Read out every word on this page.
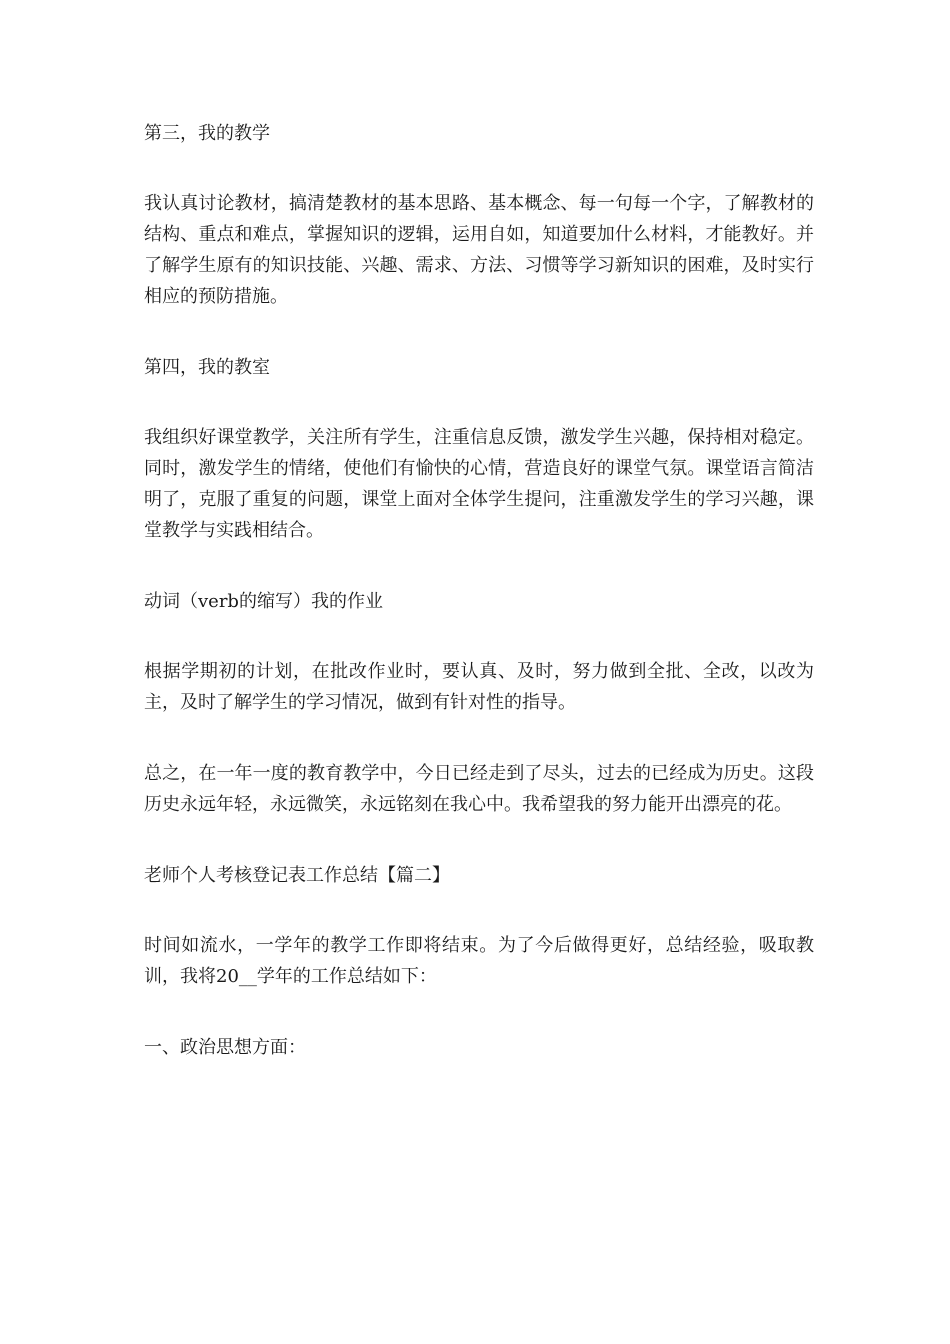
第三，我的教学

我认真讨论教材，搞清楚教材的基本思路、基本概念、每一句每一个字，了解教材的结构、重点和难点，掌握知识的逻辑，运用自如，知道要加什么材料，才能教好。并了解学生原有的知识技能、兴趣、需求、方法、习惯等学习新知识的困难，及时实行相应的预防措施。

第四，我的教室

我组织好课堂教学，关注所有学生，注重信息反馈，激发学生兴趣，保持相对稳定。同时，激发学生的情绪，使他们有愉快的心情，营造良好的课堂气氛。课堂语言简洁明了，克服了重复的问题，课堂上面对全体学生提问，注重激发学生的学习兴趣，课堂教学与实践相结合。

动词（verb的缩写）我的作业

根据学期初的计划，在批改作业时，要认真、及时，努力做到全批、全改，以改为主，及时了解学生的学习情况，做到有针对性的指导。

总之，在一年一度的教育教学中，今日已经走到了尽头，过去的已经成为历史。这段历史永远年轻，永远微笑，永远铭刻在我心中。我希望我的努力能开出漂亮的花。

老师个人考核登记表工作总结【篇二】

时间如流水，一学年的教学工作即将结束。为了今后做得更好，总结经验，吸取教训，我将20__学年的工作总结如下：

一、政治思想方面：
